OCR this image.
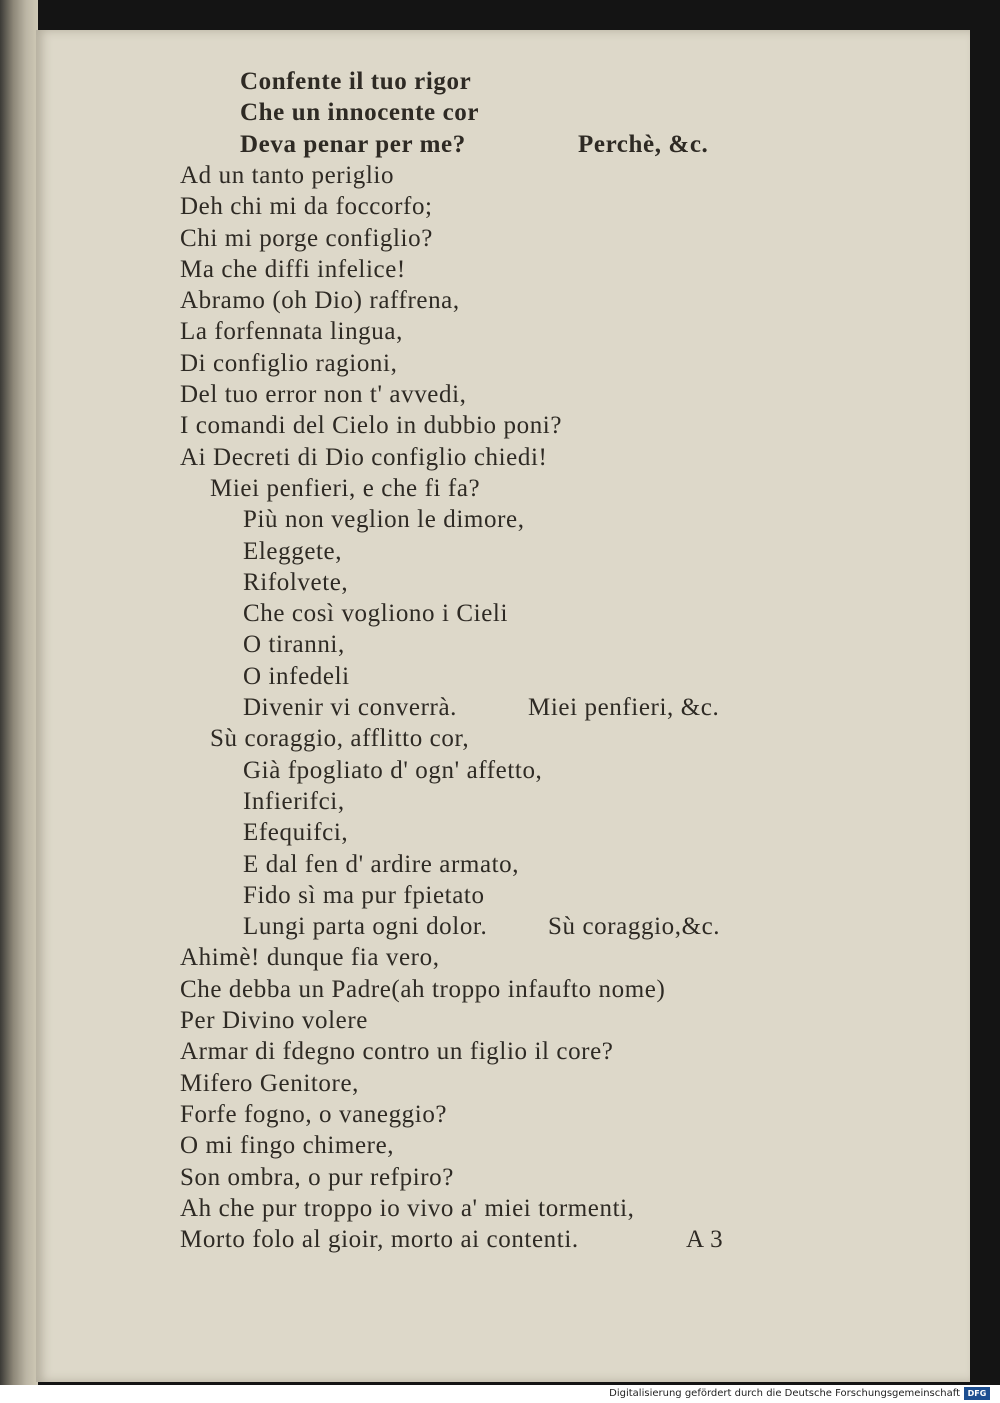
Confente il tuo rigor
Che un innocente cor
Deva penar per me?	Perchè, &c.
Ad un tanto periglio
Deh chi mi da foccorfo;
Chi mi porge configlio?
Ma che diffi infelice!
Abramo (oh Dio) raffrena,
La forfennata lingua,
Di configlio ragioni,
Del tuo error non t' avvedi,
I comandi del Cielo in dubbio poni?
Ai Decreti di Dio configlio chiedi!
Miei penfieri, e che fi fa?
Più non veglion le dimore,
Eleggete,
Rifolvete,
Che così vogliono i Cieli
O tiranni,
O infedeli
Divenir vi converrà.	Miei penfieri, &c.
Sù coraggio, afflitto cor,
Già fpogliato d' ogn' affetto,
Infierifci,
Efequifci,
E dal fen d' ardire armato,
Fido sì ma pur fpietato
Lungi parta ogni dolor. Sù coraggio,&c.
Ahimè! dunque fia vero,
Che debba un Padre(ah troppo infaufto nome)
Per Divino volere
Armar di fdegno contro un figlio il core?
Mifero Genitore,
Forfe fogno, o vaneggio?
O mi fingo chimere,
Son ombra, o pur refpiro?
Ah che pur troppo io vivo a' miei tormenti,
Morto folo al gioir, morto ai contenti.	A 3
Digitalisierung gefördert durch die Deutsche Forschungsgemeinschaft DFG
